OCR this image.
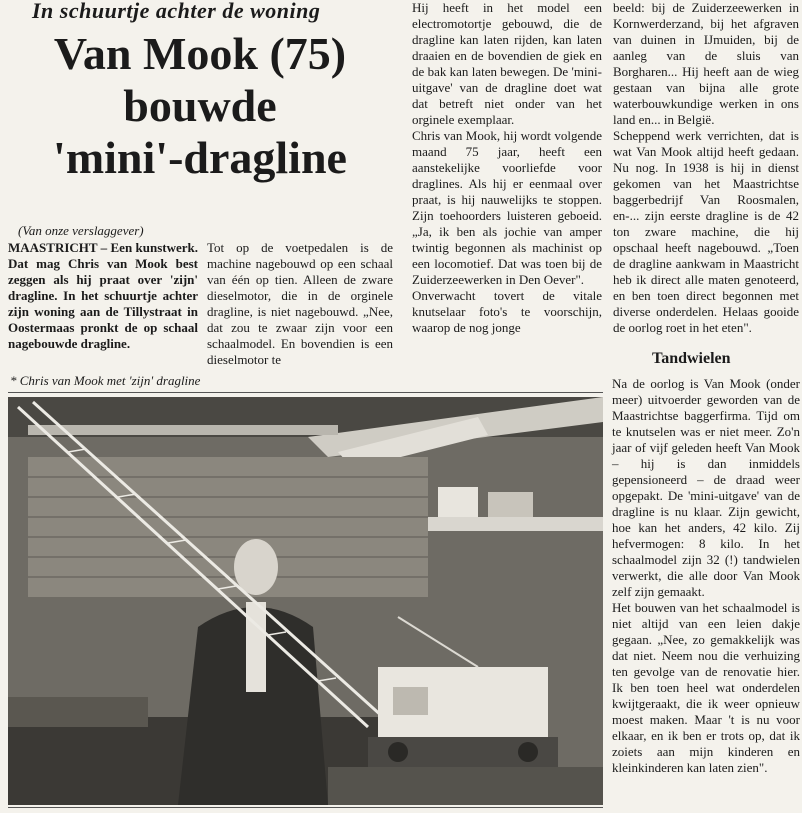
In schuurtje achter de woning
Van Mook (75)
bouwde
'mini'-dragline
(Van onze verslaggever)
MAASTRICHT – Een kunstwerk. Dat mag Chris van Mook best zeggen als hij praat over 'zijn' dragline. In het schuurtje achter zijn woning aan de Tillystraat in Oostermaas pronkt de op schaal nagebouwde dragline.

Tot op de voetpedalen is de machine nagebouwd op een schaal van één op tien. Alleen de zware dieselmotor, die in de orginele dragline, is niet nagebouwd. „Nee, dat zou te zwaar zijn voor een schaalmodel. En bovendien is een dieselmotor te

Hij heeft in het model een electromotortje gebouwd, die de dragline kan laten rijden, kan laten draaien en de bovendien de giek en de bak kan laten bewegen. De 'mini-uitgave' van de dragline doet wat dat betreft niet onder van het orginele exemplaar.

Chris van Mook, hij wordt volgende maand 75 jaar, heeft een aanstekelijke voorliefde voor draglines. Als hij er eenmaal over praat, is hij nauwelijks te stoppen. Zijn toehoorders luisteren geboeid. „Ja, ik ben als jochie van amper twintig begonnen als machinist op een locomotief. Dat was toen bij de Zuiderzeewerken in Den Oever".

Onverwacht tovert de vitale knutselaar foto's te voorschijn, waarop de nog jonge

beeld: bij de Zuiderzeewerken in Kornwerderzand, bij het afgraven van duinen in IJmuiden, bij de aanleg van de sluis van Borgharen... Hij heeft aan de wieg gestaan van bijna alle grote waterbouwkundige werken in ons land en... in België.

Scheppend werk verrichten, dat is wat Van Mook altijd heeft gedaan. Nu nog. In 1938 is hij in dienst gekomen van het Maastrichtse baggerbedrijf Van Roosmalen, en-... zijn eerste dragline is de 42 ton zware machine, die hij opschaal heeft nagebouwd. „Toen de dragline aankwam in Maastricht heb ik direct alle maten genoteerd, en ben toen direct begonnen met diverse onderdelen. Helaas gooide de oorlog roet in het eten".

Tandwielen

Na de oorlog is Van Mook (onder meer) uitvoerder geworden van de Maastrichtse baggerfirma. Tijd om te knutselen was er niet meer. Zo'n jaar of vijf geleden heeft Van Mook – hij is dan inmiddels gepensioneerd – de draad weer opgepakt. De 'mini-uitgave' van de dragline is nu klaar. Zijn gewicht, hoe kan het anders, 42 kilo. Zij hefvermogen: 8 kilo. In het schaalmodel zijn 32 (!) tandwielen verwerkt, die alle door Van Mook zelf zijn gemaakt.

Het bouwen van het schaalmodel is niet altijd van een leien dakje gegaan. „Nee, zo gemakkelijk was dat niet. Neem nou die verhuizing ten gevolge van de renovatie hier. Ik ben toen heel wat onderdelen kwijtgeraakt, die ik weer opnieuw moest maken. Maar 't is nu voor elkaar, en ik ben er trots op, dat ik zoiets aan mijn kinderen en kleinkinderen kan laten zien".

* Chris van Mook met 'zijn' dragline
